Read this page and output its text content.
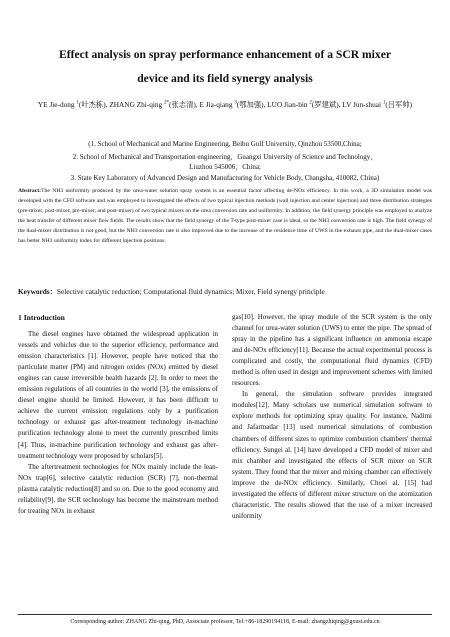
Effect analysis on spray performance enhancement of a SCR mixer
device and its field synergy analysis
YE Jie-dong $^1$(叶杰栋), ZHANG Zhi-qing $^{2*}$(张志清), E Jia-qiang $^3$(鄂加强), LUO Jian-bin $^2$(罗建斌), LV Jun-shuai $^1$(吕军帅)
(1. School of Mechanical and Marine Engineering, Beibu Gulf University, Qinzhou 53500,China;
2. School of Mechanical and Transportation engineering，Guangxi University of Science and Technology，
Liuzhou 545006，China;
3. State Key Laboratory of Advanced Design and Manufacturing for Vehicle Body, Changsha, 410082, China)
Abstract:The NH3 uniformity produced by the urea-water solution spray system is an essential factor affecting de-NOx efficiency. In this work, a 3D simulation model was developed with the CFD software and was employed to investigated the effects of two typical injection methods (wall injection and center injection) and three distribution strategies (pre-mixer, post-mixer, pre-mixer, and post-mixer) of two typical mixers on the urea conversion rate and uniformity. In addition, the field synergy principle was employed to analyze the heat transfer of different mixer flow fields. The results show that the field synergy of the T-type post-mixer case is ideal, so the NH3 conversion rate is high. The field synergy of the dual-mixer distribution is not good, but the NH3 conversion rate is also improved due to the increase of the residence time of UWS in the exhaust pipe, and the dual-mixer cases has better NH3 uniformity index for different injection positions.
Keywords：Selective catalytic reduction; Computational fluid dynamics; Mixer, Field synergy principle
1 Introduction

The diesel engines have obtained the widespread application in vessels and vehicles due to the superior efficiency, performance and emssion characteristics [1]. However, people have noticed that the particulate matter (PM) and nitrogen oxides (NOx) emitted by diesel engines can cause irreversible health hazards [2]. In order to meet the emission regulations of all countries in the world [3], the emissions of diesel engine should be limited. However, it has been difficult to achieve the current emission regulations only by a purification technology or exhaust gas after-treatment technology in-machine purification technology alone to meet the currently prescribed limits [4]. Thus, in-machine purification technology and exhaust gas after-treatment technology were proposed by scholars[5].

The aftertreatment technologies for NOx mainly include the lean-NOx trap[6], selective catalytic reduction (SCR) [7], non-thermal plasma catalytic reduction[8] and so on. Due to the good economy and reliability[9], the SCR technology has become the mainstream method for treating NOx in exhaust

gas[10]. However, the spray module of the SCR system is the only channel for urea-water solution (UWS) to enter the pipe. The spread of spray in the pipeline has a significant influence on ammonia escape and de-NOx efficiency[11]. Because the actual experimental process is complicated and costly, the computational fluid dynamics (CFD) method is often used in design and improvement schemes with limited resources.

In general, the simulation software provides integrated modules[12]. Many scholars use numerical simulation software to explore methods for optimizing spray quality. For instance, Nadimi and Jafarmadar [13] used numerical simulations of combustion chambers of different sizes to optimize combustion chambers' thermal efficiency. Sungei al. [14] have developed a CFD model of mixer and mix chamber and investigated the effects of SCR mixer on SCR system. They found that the mixer and mixing chamber can effectively improve the de-NOx efficiency. Similarly, Choei al. [15] had investigated the effects of different mixer structure on the atomization characteristic. The results showed that the use of a mixer increased uniformity

Corresponding author: ZHANG Zhi-qing, PhD, Associate professor, Tel:+86-18290194118, E-mail: zhangzhiqing@gxust.edu.cn
